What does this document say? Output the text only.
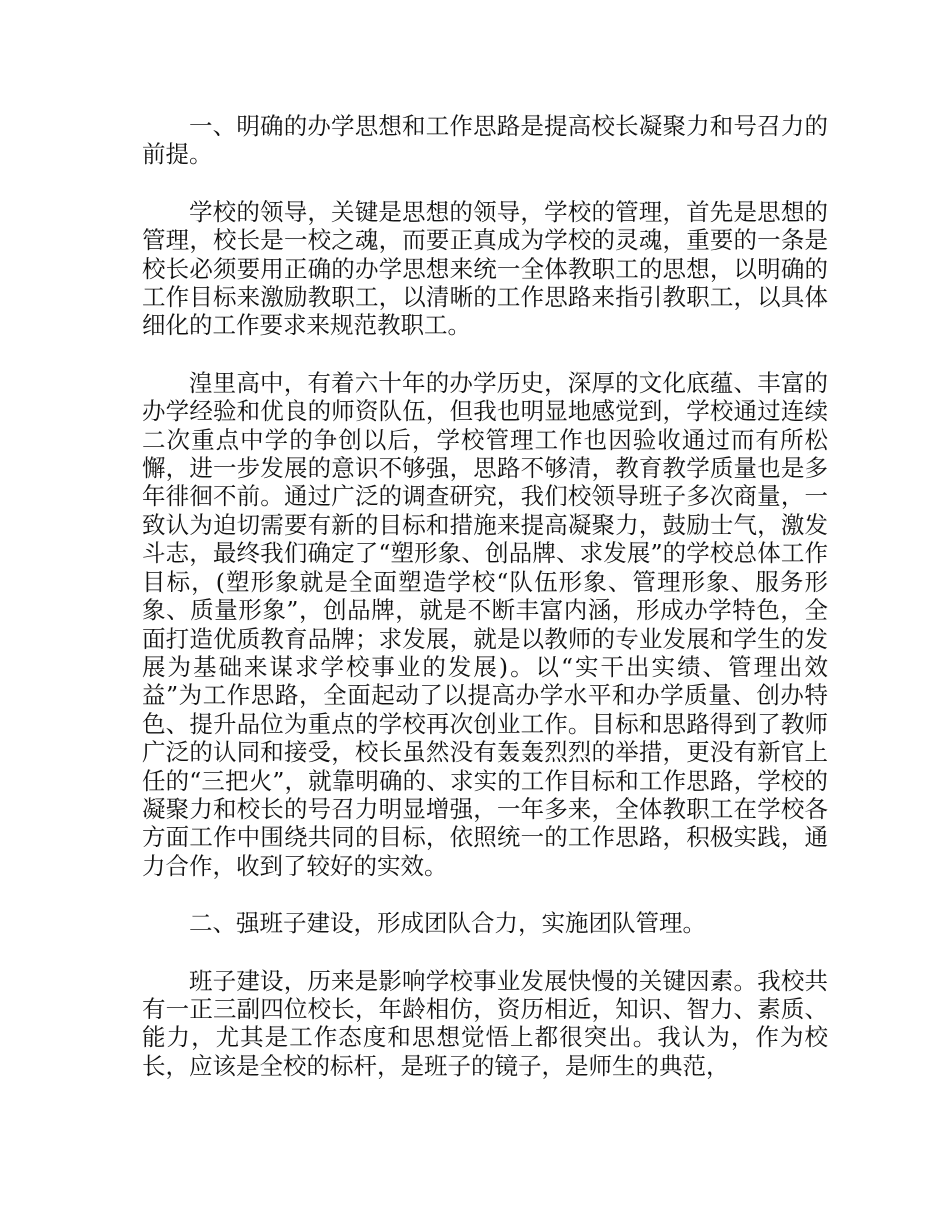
一、明确的办学思想和工作思路是提高校长凝聚力和号召力的前提。

学校的领导，关键是思想的领导，学校的管理，首先是思想的管理，校长是一校之魂，而要正真成为学校的灵魂，重要的一条是校长必须要用正确的办学思想来统一全体教职工的思想，以明确的工作目标来激励教职工，以清晰的工作思路来指引教职工，以具体细化的工作要求来规范教职工。

湟里高中，有着六十年的办学历史，深厚的文化底蕴、丰富的办学经验和优良的师资队伍，但我也明显地感觉到，学校通过连续二次重点中学的争创以后，学校管理工作也因验收通过而有所松懈，进一步发展的意识不够强，思路不够清，教育教学质量也是多年徘徊不前。通过广泛的调查研究，我们校领导班子多次商量，一致认为迫切需要有新的目标和措施来提高凝聚力，鼓励士气，激发斗志，最终我们确定了“塑形象、创品牌、求发展”的学校总体工作目标，(塑形象就是全面塑造学校“队伍形象、管理形象、服务形象、质量形象”，创品牌，就是不断丰富内涵，形成办学特色，全面打造优质教育品牌；求发展，就是以教师的专业发展和学生的发展为基础来谋求学校事业的发展)。以“实干出实绩、管理出效益”为工作思路，全面起动了以提高办学水平和办学质量、创办特色、提升品位为重点的学校再次创业工作。目标和思路得到了教师广泛的认同和接受，校长虽然没有轰轰烈烈的举措，更没有新官上任的“三把火”，就靠明确的、求实的工作目标和工作思路，学校的凝聚力和校长的号召力明显增强，一年多来，全体教职工在学校各方面工作中围绕共同的目标，依照统一的工作思路，积极实践，通力合作，收到了较好的实效。

二、强班子建设，形成团队合力，实施团队管理。

班子建设，历来是影响学校事业发展快慢的关键因素。我校共有一正三副四位校长，年龄相仿，资历相近，知识、智力、素质、能力，尤其是工作态度和思想觉悟上都很突出。我认为，作为校长，应该是全校的标杆，是班子的镜子，是师生的典范，
